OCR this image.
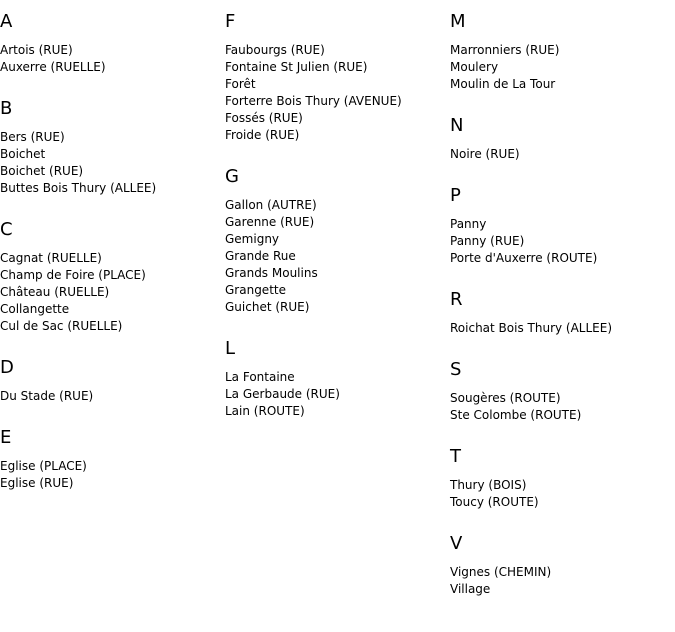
A
Artois (RUE)
Auxerre (RUELLE)
B
Bers (RUE)
Boichet
Boichet (RUE)
Buttes Bois Thury (ALLEE)
C
Cagnat (RUELLE)
Champ de Foire (PLACE)
Château (RUELLE)
Collangette
Cul de Sac (RUELLE)
D
Du Stade (RUE)
E
Eglise (PLACE)
Eglise (RUE)
F
Faubourgs (RUE)
Fontaine St Julien (RUE)
Forêt
Forterre Bois Thury (AVENUE)
Fossés (RUE)
Froide (RUE)
G
Gallon (AUTRE)
Garenne (RUE)
Gemigny
Grande Rue
Grands Moulins
Grangette
Guichet (RUE)
L
La Fontaine
La Gerbaude (RUE)
Lain (ROUTE)
M
Marronniers (RUE)
Moulery
Moulin de La Tour
N
Noire (RUE)
P
Panny
Panny (RUE)
Porte d'Auxerre (ROUTE)
R
Roichat Bois Thury (ALLEE)
S
Sougères (ROUTE)
Ste Colombe (ROUTE)
T
Thury (BOIS)
Toucy (ROUTE)
V
Vignes (CHEMIN)
Village
